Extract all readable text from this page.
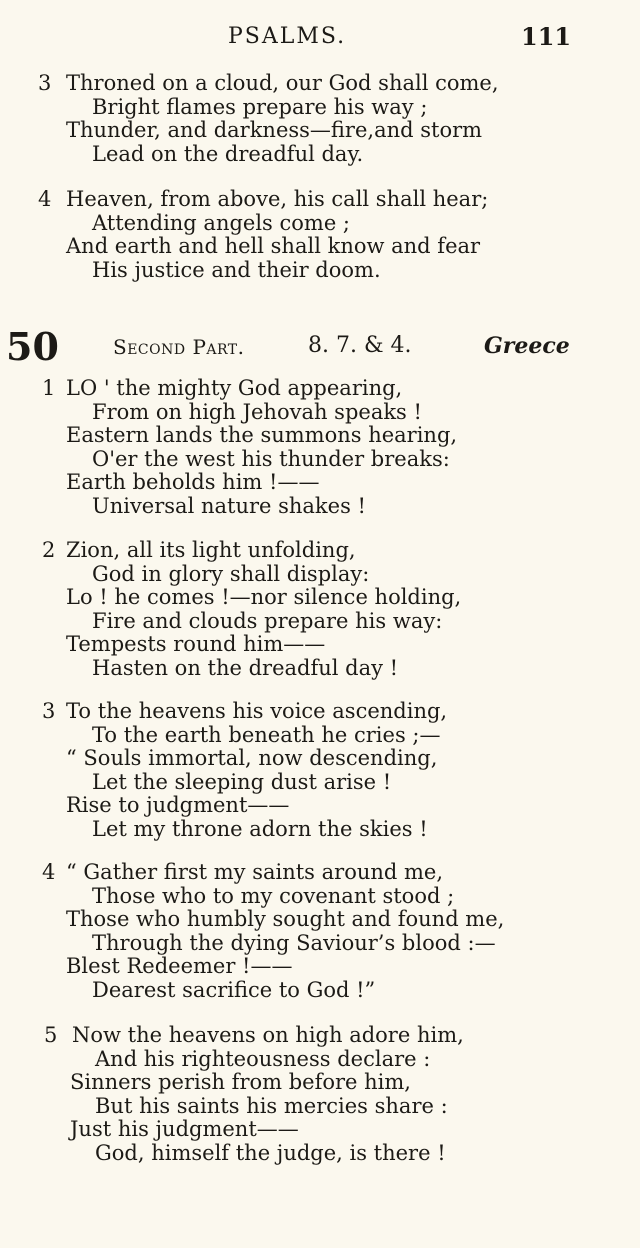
PSALMS.	111
3 Throned on a cloud, our God shall come,
Bright flames prepare his way ;
Thunder, and darkness—fire,and storm
Lead on the dreadful day.
4 Heaven, from above, his call shall hear;
Attending angels come ;
And earth and hell shall know and fear
His justice and their doom.
50	Second Part.	8. 7. & 4.	Greece
1 LO ' the mighty God appearing,
From on high Jehovah speaks !
Eastern lands the summons hearing,
O'er the west his thunder breaks:
Earth beholds him !——
Universal nature shakes !
2 Zion, all its light unfolding,
God in glory shall display:
Lo ! he comes !—nor silence holding,
Fire and clouds prepare his way:
Tempests round him——
Hasten on the dreadful day !
3 To the heavens his voice ascending,
To the earth beneath he cries ;—
“ Souls immortal, now descending,
Let the sleeping dust arise !
Rise to judgment——
Let my throne adorn the skies !
4 “ Gather first my saints around me,
Those who to my covenant stood ;
Those who humbly sought and found me,
Through the dying Saviour’s blood :—
Blest Redeemer !——
Dearest sacrifice to God !”
5 Now the heavens on high adore him,
And his righteousness declare :
Sinners perish from before him,
But his saints his mercies share :
Just his judgment——
God, himself the judge, is there !
